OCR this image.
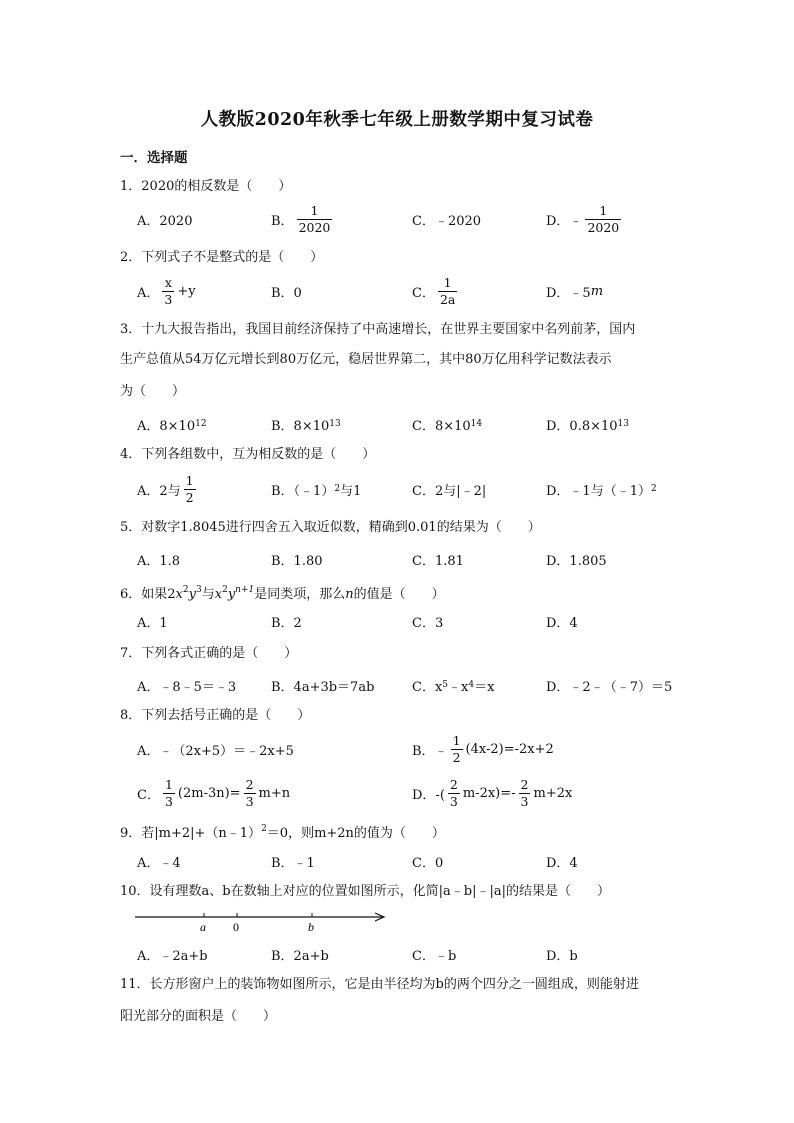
人教版2020年秋季七年级上册数学期中复习试卷
一．选择题
1．2020的相反数是（　　）
A．2020	B． $\frac{1}{2020}$	C．﹣2020	D．﹣ $\frac{1}{2020}$
2．下列式子不是整式的是（　　）
A． $\frac{x}{3} +y$	B．0	C． $\frac{1}{2a}$	D．﹣5 m
3．十九大报告指出，我国目前经济保持了中高速增长，在世界主要国家中名列前茅，国内
生产总值从54万亿元增长到80万亿元，稳居世界第二，其中80万亿用科学记数法表示
为（　　）
A．8×10 12	B．8×10 13	C．8×10 14	D．0.8×10 13
4．下列各组数中，互为相反数的是（　　）
A．2与 $\frac{1}{2}$	B．（﹣1） 2 与1	C．2与|﹣2|	D．﹣1与（﹣1） 2
5．对数字1.8045进行四舍五入取近似数，精确到0.01的结果为（　　）
A．1.8	B．1.80	C．1.81	D．1.805
6．如果$2x^2y^3$与$x^2y^{n+1}$是同类项，那么n的值是（　　）
A．1	B．2	C．3	D．4
7．下列各式正确的是（　　）
A．﹣8﹣5＝﹣3	B．4a+3b＝7ab	C．x 5 ﹣x 4 ＝x	D．﹣2﹣（﹣7）＝5
8．下列去括号正确的是（　　）
A．﹣（2x+5）＝﹣2x+5	B．﹣ $\frac{1}{2} (4x-2)=-2x+2$
C． $\frac{1}{3} (2m-3n)= \frac{2}{3} m+n$	D．-( $\frac{2}{3} m-2x)=- \frac{2}{3} m+2x$
9．若|m+2|+（n﹣1）$^2$＝0，则m+2n的值为（　　）
A．﹣4	B．﹣1	C．0	D．4
10．设有理数a、b在数轴上对应的位置如图所示，化简|a﹣b|﹣|a|的结果是（　　）
a 0	b
A．﹣2a+b	B．2a+b	C．﹣b	D．b
11．长方形窗户上的装饰物如图所示，它是由半径均为b的两个四分之一圆组成，则能射进
阳光部分的面积是（　　）
